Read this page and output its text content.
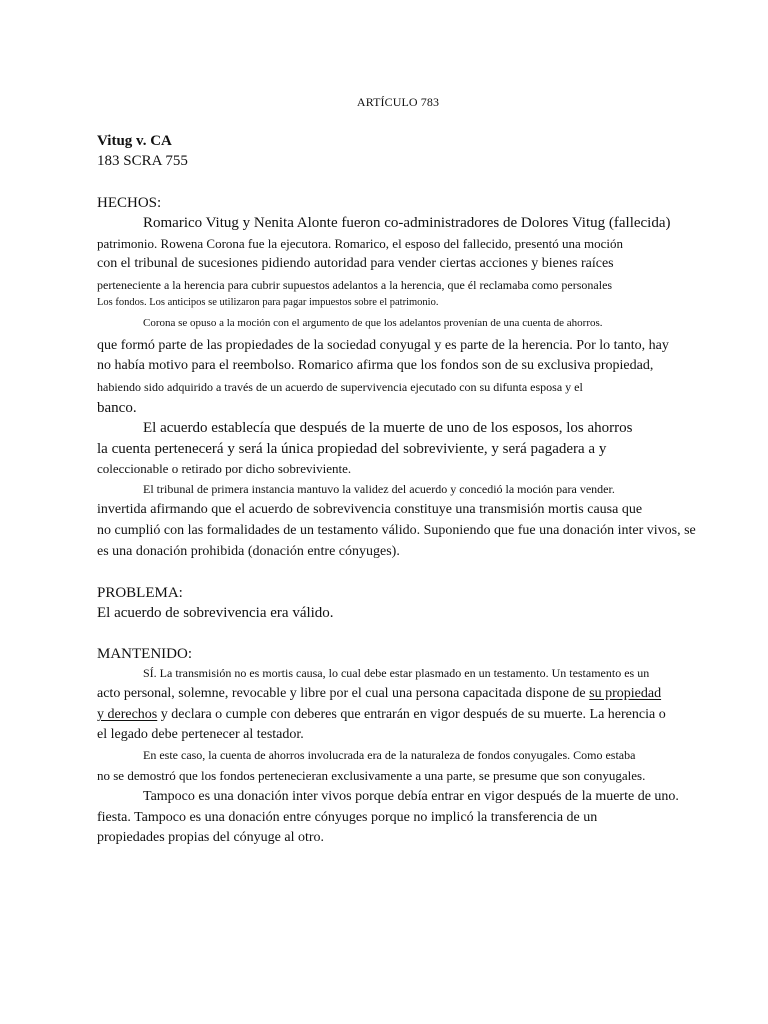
ARTÍCULO 783
Vitug v. CA
183 SCRA 755
HECHOS:
Romarico Vitug y Nenita Alonte fueron co-administradores de Dolores Vitug (fallecida)
patrimonio. Rowena Corona fue la ejecutora. Romarico, el esposo del fallecido, presentó una moción
con el tribunal de sucesiones pidiendo autoridad para vender ciertas acciones y bienes raíces
perteneciente a la herencia para cubrir supuestos adelantos a la herencia, que él reclamaba como personales
Los fondos. Los anticipos se utilizaron para pagar impuestos sobre el patrimonio.
Corona se opuso a la moción con el argumento de que los adelantos provenían de una cuenta de ahorros.
que formó parte de las propiedades de la sociedad conyugal y es parte de la herencia. Por lo tanto, hay
no había motivo para el reembolso. Romarico afirma que los fondos son de su exclusiva propiedad,
habiendo sido adquirido a través de un acuerdo de supervivencia ejecutado con su difunta esposa y el
banco.
El acuerdo establecía que después de la muerte de uno de los esposos, los ahorros
la cuenta pertenecerá y será la única propiedad del sobreviviente, y será pagadera a y
coleccionable o retirado por dicho sobreviviente.
El tribunal de primera instancia mantuvo la validez del acuerdo y concedió la moción para vender.
invertida afirmando que el acuerdo de sobrevivencia constituye una transmisión mortis causa que
no cumplió con las formalidades de un testamento válido. Suponiendo que fue una donación inter vivos, se
es una donación prohibida (donación entre cónyuges).
PROBLEMA:
El acuerdo de sobrevivencia era válido.
MANTENIDO:
SÍ. La transmisión no es mortis causa, lo cual debe estar plasmado en un testamento. Un testamento es un
acto personal, solemne, revocable y libre por el cual una persona capacitada dispone de su propiedad
y derechos y declara o cumple con deberes que entrarán en vigor después de su muerte. La herencia o
el legado debe pertenecer al testador.
En este caso, la cuenta de ahorros involucrada era de la naturaleza de fondos conyugales. Como estaba
no se demostró que los fondos pertenecieran exclusivamente a una parte, se presume que son conyugales.
Tampoco es una donación inter vivos porque debía entrar en vigor después de la muerte de uno.
fiesta. Tampoco es una donación entre cónyuges porque no implicó la transferencia de un
propiedades propias del cónyuge al otro.
